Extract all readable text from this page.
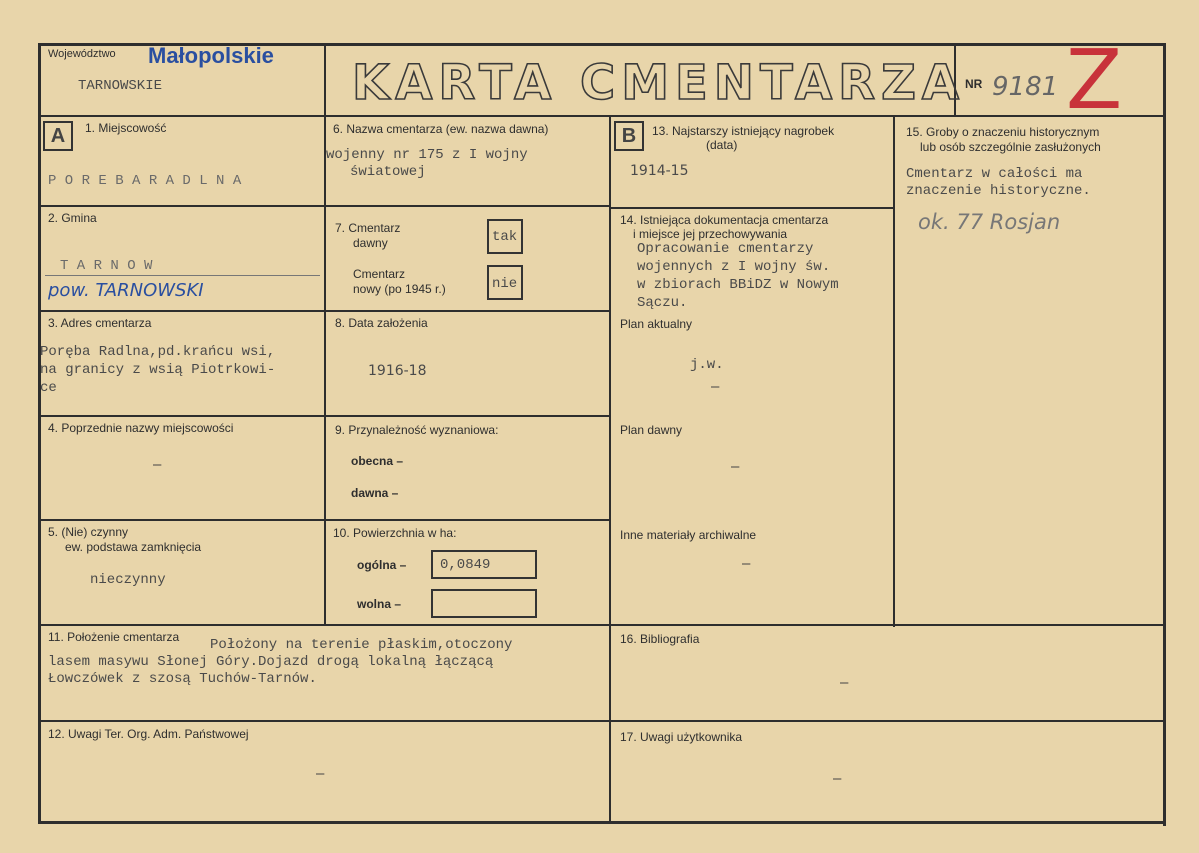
Województwo Małopolskie
TARNOWSKIE	KARTA CMENTARZA NR 9181 Z
A	1. Miejscowość
P O R E B A R A D L N A
2. Gmina
T A R N O W
pow. TARNOWSKI
3. Adres cmentarza
Poręba Radlna,pd.krańcu wsi,
na granicy z wsią Piotrkowi-
ce
4. Poprzednie nazwy miejscowości
–
5. (Nie) czynny
ew. podstawa zamknięcia
nieczynny
6. Nazwa cmentarza (ew. nazwa dawna)
wojenny nr 175 z I wojny
światowej
7. Cmentarz
dawny	tak
Cmentarz
nowy (po 1945 r.)	nie
8. Data założenia
1916-18
9. Przynależność wyznaniowa:
obecna –
dawna –
10. Powierzchnia w ha:
ogólna – 0,0849
wolna –
B	13. Najstarszy istniejący nagrobek
(data)
1914-15
14. Istniejąca dokumentacja cmentarza
i miejsce jej przechowywania
Opracowanie cmentarzy
wojennych z I wojny św.
w zbiorach BBiDZ w Nowym
Sączu.
Plan aktualny
j.w.
–
Plan dawny
–
Inne materiały archiwalne
–
15. Groby o znaczeniu historycznym
lub osób szczególnie zasłużonych
Cmentarz w całości ma
znaczenie historyczne.
ok. 77 Rosjan
11. Położenie cmentarza Położony na terenie płaskim,otoczony
lasem masywu Słonej Góry.Dojazd drogą lokalną łączącą
Łowczówek z szosą Tuchów-Tarnów.
16. Bibliografia
–
12. Uwagi Ter. Org. Adm. Państwowej
–
17. Uwagi użytkownika
–
